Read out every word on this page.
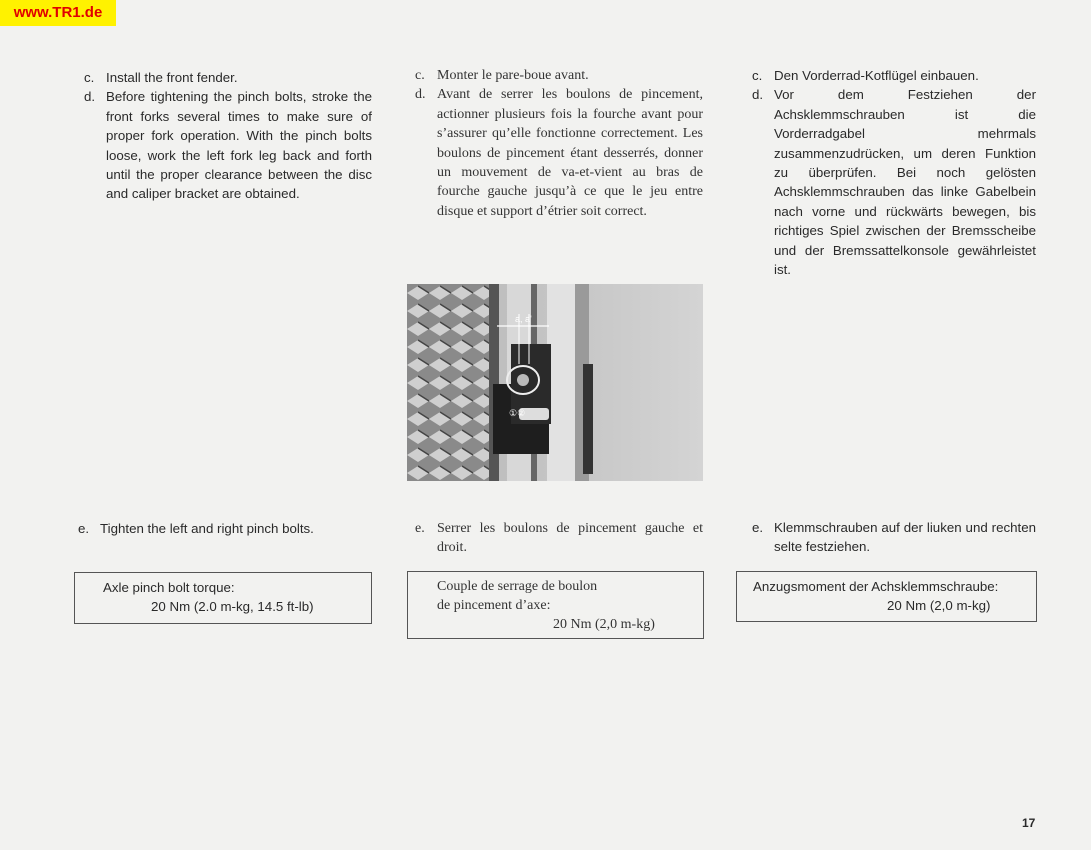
www.TR1.de

c. Install the front fender.

d. Before tightening the pinch bolts, stroke the front forks several times to make sure of proper fork operation. With the pinch bolts loose, work the left fork leg back and forth until the proper clearance between the disc and caliper bracket are obtained.

c. Monter le pare-boue avant.

d. Avant de serrer les boulons de pincement, actionner plusieurs fois la fourche avant pour s’assurer qu’elle fonctionne correctement. Les boulons de pincement étant desserrés, donner un mouvement de va-et-vient au bras de fourche gauche jusqu’à ce que le jeu entre disque et support d’étrier soit correct.

c. Den Vorderrad-Kotflügel einbauen.

d. Vor dem Festziehen der Achsklemmschrauben ist die Vorderradgabel mehrmals zusammenzudrücken, um deren Funktion zu überprüfen. Bei noch gelösten Achsklemmschrauben das linke Gabelbein nach vorne und rückwärts bewegen, bis richtiges Spiel zwischen der Bremsscheibe und der Bremssattelkonsole gewährleistet ist.

a, a'
①②

e. Tighten the left and right pinch bolts.	e. Serrer les boulons de pincement gauche et droit.

e. Klemmschrauben auf der liuken und rechten selte festziehen.

Axle pinch bolt torque:
20 Nm (2.0 m-kg, 14.5 ft-lb)
Couple de serrage de boulon
de pincement d’axe:
20 Nm (2,0 m-kg)
Anzugsmoment der Achsklemmschraube:
20 Nm (2,0 m-kg)
17
